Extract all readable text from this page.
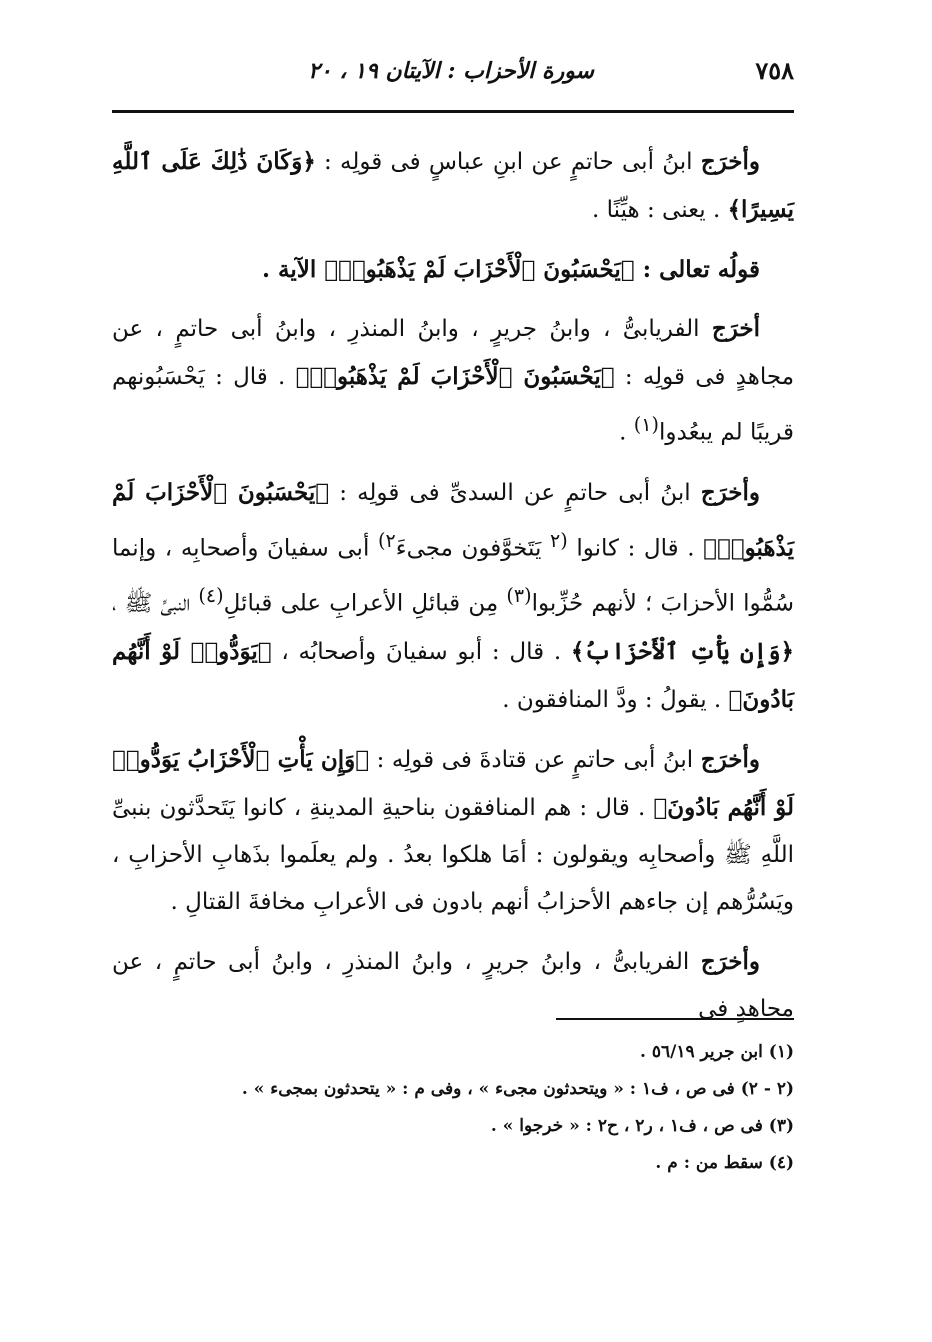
٧٥٨
سورة الأحزاب : الآيتان ١٩ ، ٢٠

وأخرَج ابنُ أبى حاتمٍ عن ابنِ عباسٍ فى قولِه : ﴿وَكَانَ ذَٰلِكَ عَلَى ٱللَّهِ يَسِيرًا﴾ . يعنى : هيِّنًا .

قولُه تعالى : ﴿يَحْسَبُونَ ٱلْأَحْزَابَ لَمْ يَذْهَبُوا۟﴾ الآية .

أخرَج الفريابىُّ ، وابنُ جريرٍ ، وابنُ المنذرِ ، وابنُ أبى حاتمٍ ، عن مجاهدٍ فى قولِه : ﴿يَحْسَبُونَ ٱلْأَحْزَابَ لَمْ يَذْهَبُوا۟﴾ . قال : يَحْسَبُونهم قريبًا لم يبعُدوا$^{(١)}$ .

وأخرَج ابنُ أبى حاتمٍ عن السدىِّ فى قولِه : ﴿يَحْسَبُونَ ٱلْأَحْزَابَ لَمْ يَذْهَبُوا۟﴾ . قال : كانوا $^{(٢}$ يَتَخوَّفون مجىءَ$^{٢)}$ أبى سفيانَ وأصحابِه ، وإنما سُمُّوا الأحزابَ ؛ لأنهم حُزِّبوا$^{(٣)}$ مِن قبائلِ الأعرابِ على قبائلِ$^{(٤)}$ النبىِّ ﷺ ، ﴿وَإِن يَأْتِ ٱلْأَحْزَابُ﴾ . قال : أبو سفيانَ وأصحابُه ، ﴿يَوَدُّوا۟ لَوْ أَنَّهُم بَادُونَ﴾ . يقولُ : ودَّ المنافقون .

وأخرَج ابنُ أبى حاتمٍ عن قتادةَ فى قولِه : ﴿وَإِن يَأْتِ ٱلْأَحْزَابُ يَوَدُّوا۟ لَوْ أَنَّهُم بَادُونَ﴾ . قال : هم المنافقون بناحيةِ المدينةِ ، كانوا يَتَحدَّثون بنبىِّ اللَّهِ ﷺ وأصحابِه ويقولون : أمَا هلكوا بعدُ . ولم يعلَموا بذَهابِ الأحزابِ ، ويَسُرُّهم إن جاءهم الأحزابُ أنهم بادون فى الأعرابِ مخافةَ القتالِ .

وأخرَج الفريابىُّ ، وابنُ جريرٍ ، وابنُ المنذرِ ، وابنُ أبى حاتمٍ ، عن مجاهدٍ فى

(١) ابن جرير ٥٦/١٩ .

(٢ - ٢) فى ص ، ف١ : « ويتحدثون مجىء » ، وفى م : « يتحدثون بمجىء » .

(٣) فى ص ، ف١ ، ر٢ ، ح٢ : « خرجوا » .

(٤) سقط من : م .
